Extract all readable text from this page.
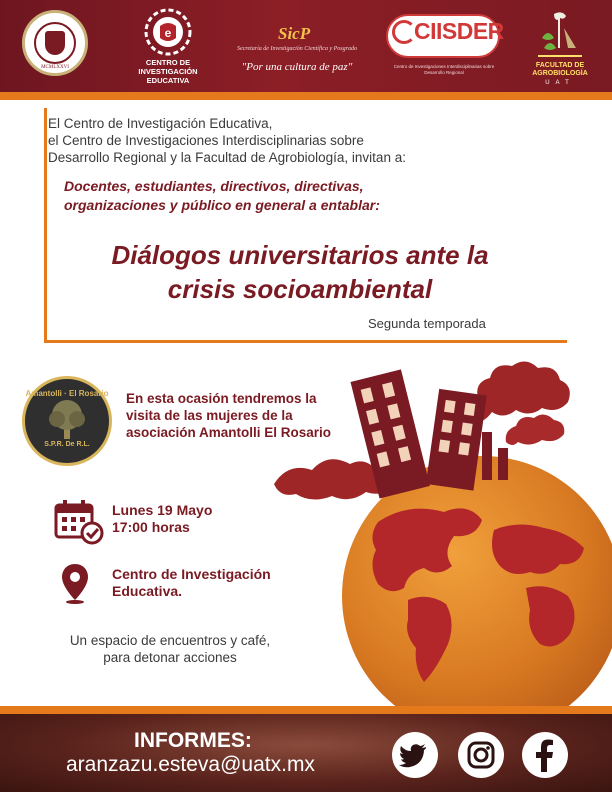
MCMLXXVI
e
CENTRO DE INVESTIGACIÓN EDUCATIVA
SicP
Secretaría de Investigación Científica y Posgrado
"Por una cultura de paz"
CIISDER
Centro de Investigaciones Interdisciplinarias sobre Desarrollo Regional
FACULTAD DE AGROBIOLOGÍA
UAT
El Centro de Investigación Educativa,
el Centro de Investigaciones Interdisciplinarias sobre
Desarrollo Regional y la Facultad de Agrobiología, invitan a:
Docentes, estudiantes, directivos, directivas,
organizaciones y público en general a entablar:
Diálogos universitarios ante la
crisis socioambiental
Segunda temporada
Amantolli · El Rosario
S.P.R. De R.L.
En esta ocasión tendremos la
visita de las mujeres de la
asociación Amantolli El Rosario
Lunes 19 Mayo
17:00 horas
Centro de Investigación
Educativa.
Un espacio de encuentros y café,
para detonar acciones
INFORMES:
aranzazu.esteva@uatx.mx
